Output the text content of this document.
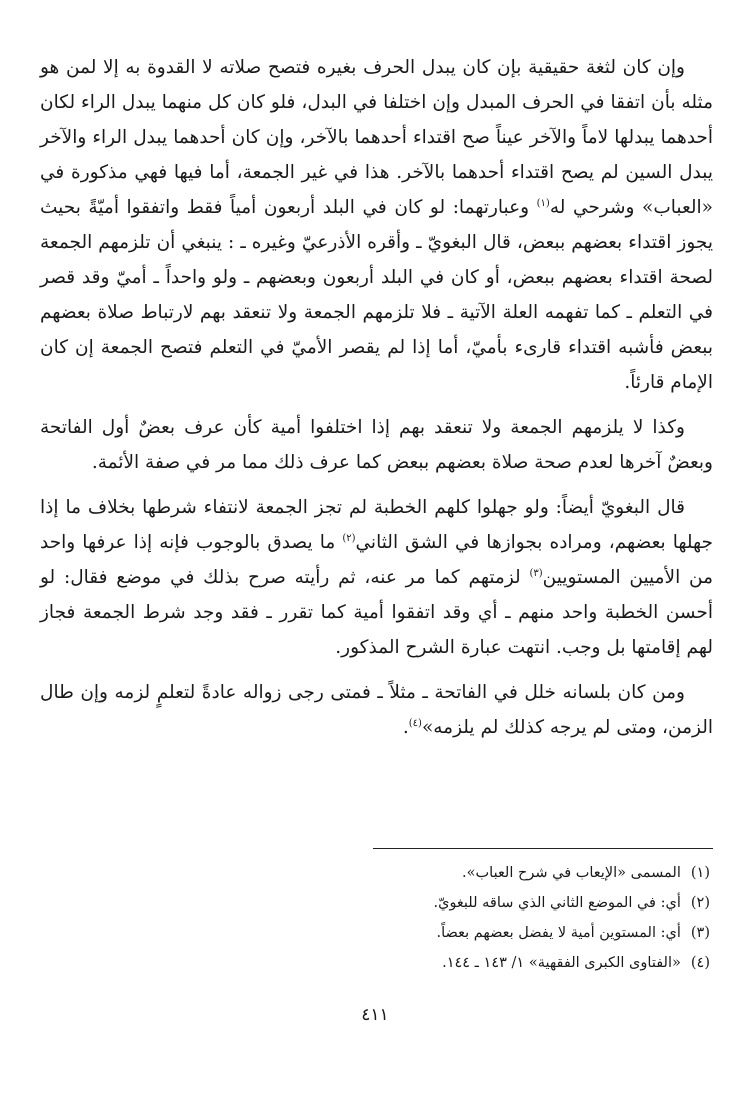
وإن كان لثغة حقيقية بإن كان يبدل الحرف بغيره فتصح صلاته لا القدوة به إلا لمن هو مثله بأن اتفقا في الحرف المبدل وإن اختلفا في البدل، فلو كان كل منهما يبدل الراء لكان أحدهما يبدلها لاماً والآخر عيناً صح اقتداء أحدهما بالآخر، وإن كان أحدهما يبدل الراء والآخر يبدل السين لم يصح اقتداء أحدهما بالآخر. هذا في غير الجمعة، أما فيها فهي مذكورة في «العباب» وشرحي له$^{(١)}$ وعبارتهما: لو كان في البلد أربعون أمياً فقط واتفقوا أميّةً بحيث يجوز اقتداء بعضهم ببعض، قال البغويّ ـ وأقره الأذرعيّ وغيره ـ : ينبغي أن تلزمهم الجمعة لصحة اقتداء بعضهم ببعض، أو كان في البلد أربعون وبعضهم ـ ولو واحداً ـ أميّ وقد قصر في التعلم ـ كما تفهمه العلة الآتية ـ فلا تلزمهم الجمعة ولا تنعقد بهم لارتباط صلاة بعضهم ببعض فأشبه اقتداء قارىء بأميّ، أما إذا لم يقصر الأميّ في التعلم فتصح الجمعة إن كان الإمام قارئاً.

وكذا لا يلزمهم الجمعة ولا تنعقد بهم إذا اختلفوا أمية كأن عرف بعضٌ أول الفاتحة وبعضٌ آخرها لعدم صحة صلاة بعضهم ببعض كما عرف ذلك مما مر في صفة الأئمة.

قال البغويّ أيضاً: ولو جهلوا كلهم الخطبة لم تجز الجمعة لانتفاء شرطها بخلاف ما إذا جهلها بعضهم، ومراده بجوازها في الشق الثاني$^{(٢)}$ ما يصدق بالوجوب فإنه إذا عرفها واحد من الأميين المستويين$^{(٣)}$ لزمتهم كما مر عنه، ثم رأيته صرح بذلك في موضع فقال: لو أحسن الخطبة واحد منهم ـ أي وقد اتفقوا أمية كما تقرر ـ فقد وجد شرط الجمعة فجاز لهم إقامتها بل وجب. انتهت عبارة الشرح المذكور.

ومن كان بلسانه خلل في الفاتحة ـ مثلاً ـ فمتى رجى زواله عادةً لتعلمٍ لزمه وإن طال الزمن، ومتى لم يرجه كذلك لم يلزمه»$^{(٤)}$.

(١)المسمى «الإيعاب في شرح العباب».

(٢)أي: في الموضع الثاني الذي ساقه للبغويّ.

(٣)أي: المستوين أمية لا يفضل بعضهم بعضاً.

(٤)«الفتاوى الكبرى الفقهية» ١/ ١٤٣ ـ ١٤٤.

٤١١
